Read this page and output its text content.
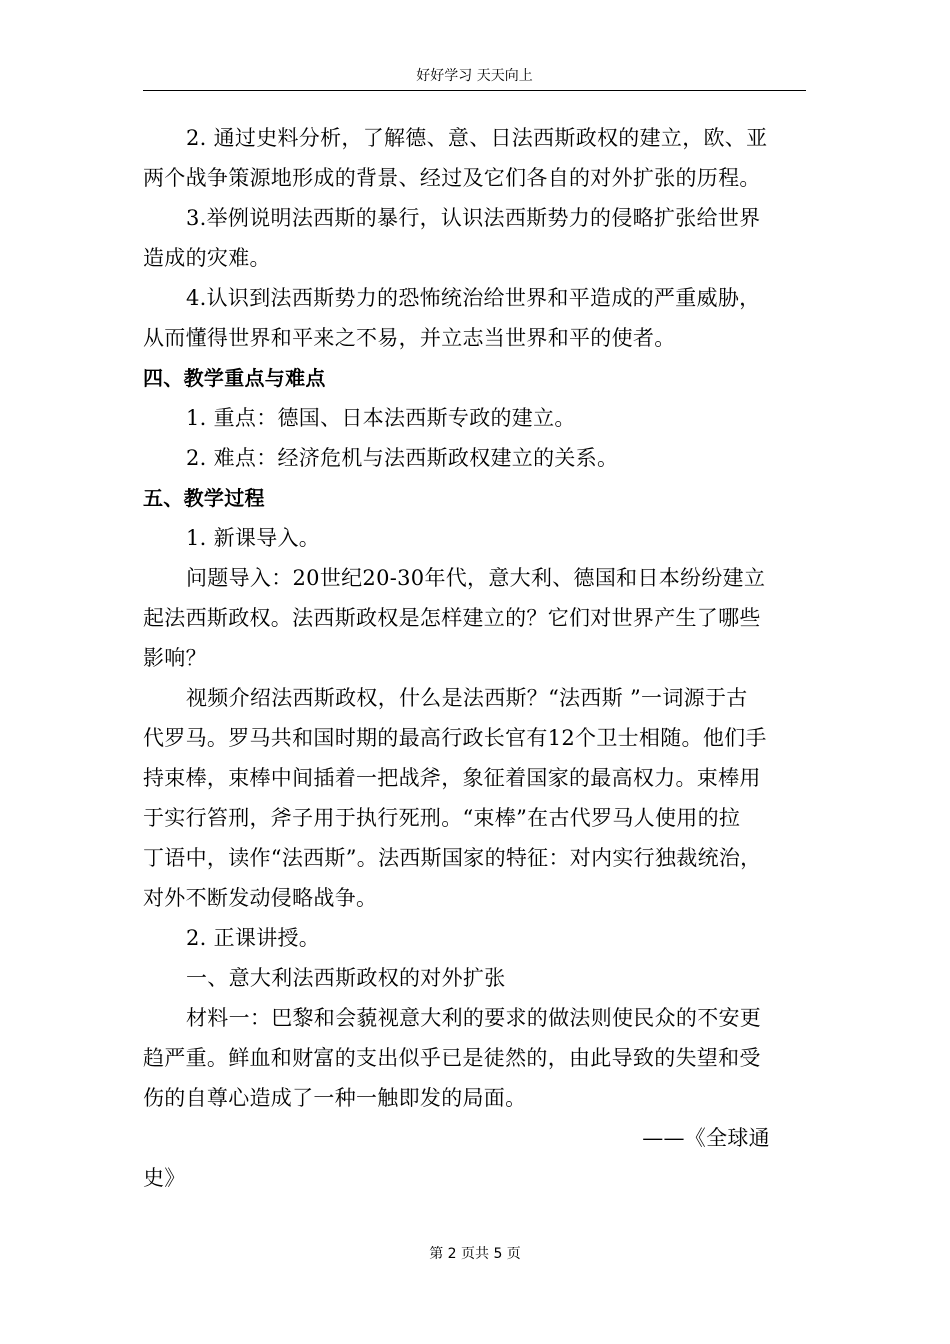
好好学习 天天向上
2. 通过史料分析，了解德、意、日法西斯政权的建立，欧、亚
两个战争策源地形成的背景、经过及它们各自的对外扩张的历程。
3.举例说明法西斯的暴行，认识法西斯势力的侵略扩张给世界
造成的灾难。
4.认识到法西斯势力的恐怖统治给世界和平造成的严重威胁，
从而懂得世界和平来之不易，并立志当世界和平的使者。
四、教学重点与难点
1. 重点：德国、日本法西斯专政的建立。
2. 难点：经济危机与法西斯政权建立的关系。
五、教学过程
1. 新课导入。
问题导入：20世纪20-30年代，意大利、德国和日本纷纷建立
起法西斯政权。法西斯政权是怎样建立的？它们对世界产生了哪些
影响？
视频介绍法西斯政权，什么是法西斯？“法西斯 ”一词源于古
代罗马。罗马共和国时期的最高行政长官有12个卫士相随。他们手
持束棒，束棒中间插着一把战斧，象征着国家的最高权力。束棒用
于实行笞刑，斧子用于执行死刑。“束棒”在古代罗马人使用的拉
丁语中，读作“法西斯”。法西斯国家的特征：对内实行独裁统治，
对外不断发动侵略战争。
2. 正课讲授。
一、意大利法西斯政权的对外扩张
材料一：巴黎和会藐视意大利的要求的做法则使民众的不安更
趋严重。鲜血和财富的支出似乎已是徒然的，由此导致的失望和受
伤的自尊心造成了一种一触即发的局面。
——《全球通
史》
第 2 页共 5 页
